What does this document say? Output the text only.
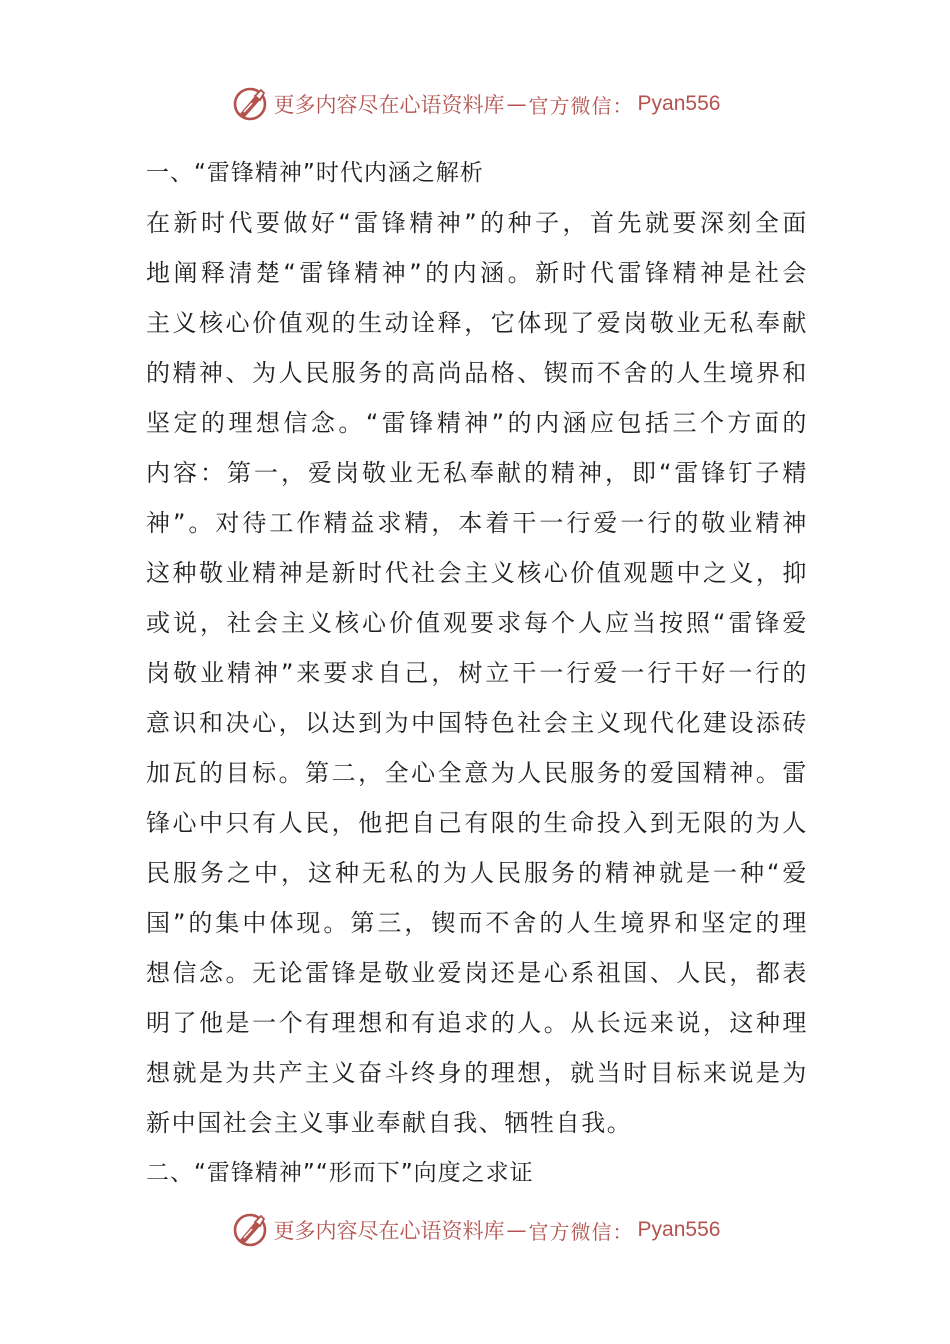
更多内容尽在心语资料库 — 官方微信： Pyan556
一、“雷锋精神”时代内涵之解析
在新时代要做好“雷锋精神”的种子，首先就要深刻全面
地阐释清楚“雷锋精神”的内涵。新时代雷锋精神是社会
主义核心价值观的生动诠释，它体现了爱岗敬业无私奉献
的精神、为人民服务的高尚品格、锲而不舍的人生境界和
坚定的理想信念。“雷锋精神”的内涵应包括三个方面的
内容：第一，爱岗敬业无私奉献的精神，即“雷锋钉子精
神”。对待工作精益求精，本着干一行爱一行的敬业精神
这种敬业精神是新时代社会主义核心价值观题中之义，抑
或说，社会主义核心价值观要求每个人应当按照“雷锋爱
岗敬业精神”来要求自己，树立干一行爱一行干好一行的
意识和决心，以达到为中国特色社会主义现代化建设添砖
加瓦的目标。第二，全心全意为人民服务的爱国精神。雷
锋心中只有人民，他把自己有限的生命投入到无限的为人
民服务之中，这种无私的为人民服务的精神就是一种“爱
国”的集中体现。第三，锲而不舍的人生境界和坚定的理
想信念。无论雷锋是敬业爱岗还是心系祖国、人民，都表
明了他是一个有理想和有追求的人。从长远来说，这种理
想就是为共产主义奋斗终身的理想，就当时目标来说是为
新中国社会主义事业奉献自我、牺牲自我。
二、“雷锋精神”“形而下”向度之求证
更多内容尽在心语资料库 — 官方微信： Pyan556
